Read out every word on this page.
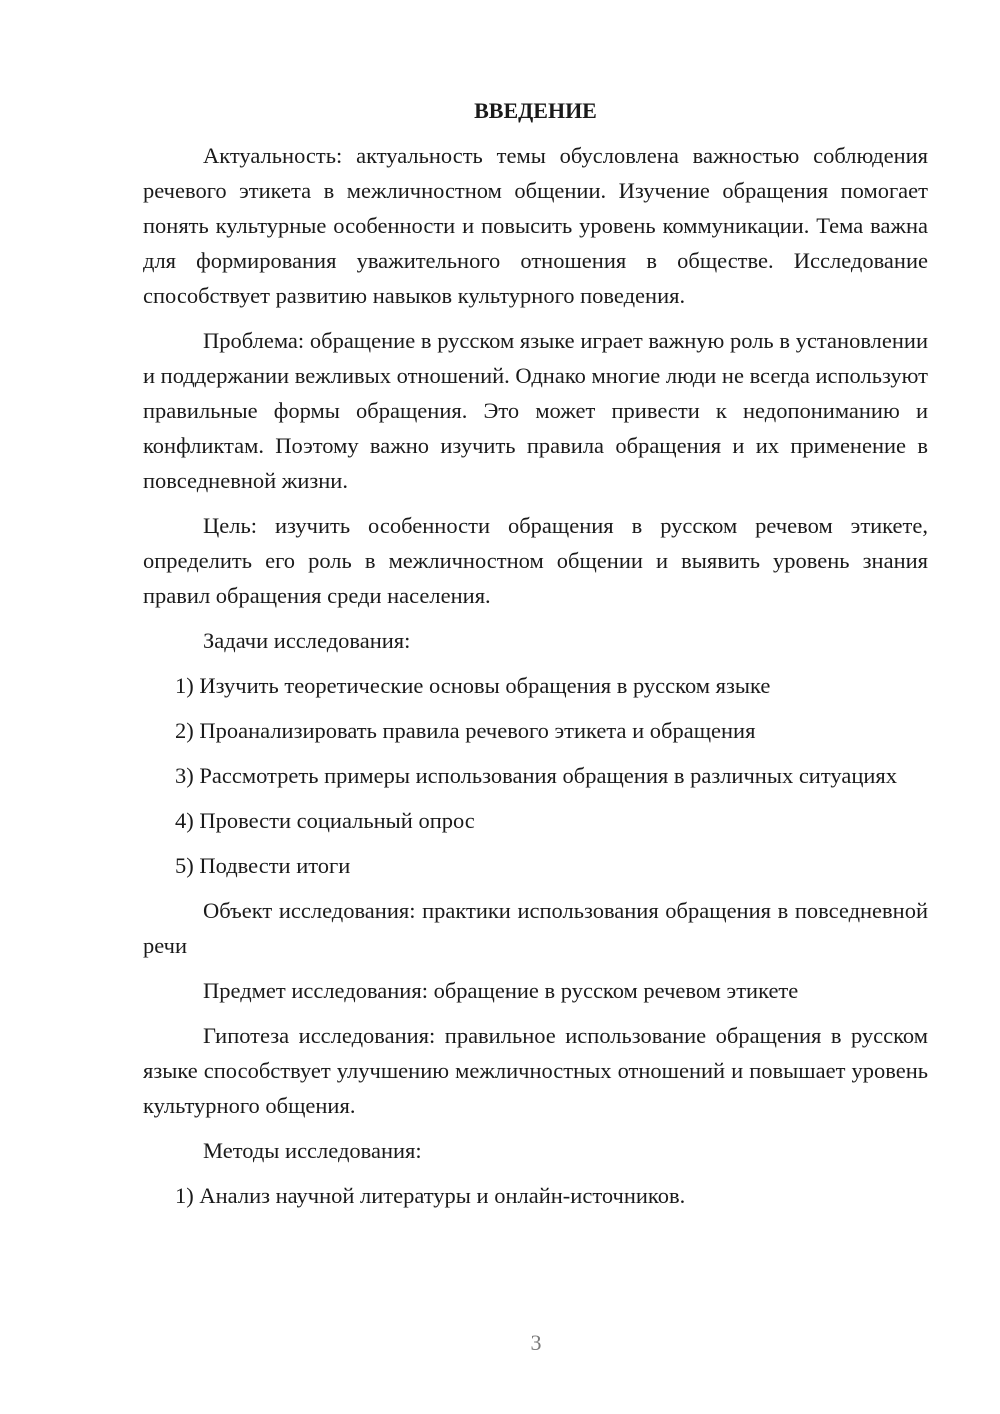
ВВЕДЕНИЕ

Актуальность: актуальность темы обусловлена важностью соблюдения речевого этикета в межличностном общении. Изучение обращения помогает понять культурные особенности и повысить уровень коммуникации. Тема важна для формирования уважительного отношения в обществе. Исследование способствует развитию навыков культурного поведения.

Проблема: обращение в русском языке играет важную роль в установлении и поддержании вежливых отношений. Однако многие люди не всегда используют правильные формы обращения. Это может привести к недопониманию и конфликтам. Поэтому важно изучить правила обращения и их применение в повседневной жизни.

Цель: изучить особенности обращения в русском речевом этикете, определить его роль в межличностном общении и выявить уровень знания правил обращения среди населения.

Задачи исследования:

1) Изучить теоретические основы обращения в русском языке

2) Проанализировать правила речевого этикета и обращения

3) Рассмотреть примеры использования обращения в различных ситуациях

4) Провести социальный опрос

5) Подвести итоги

Объект исследования: практики использования обращения в повседневной речи

Предмет исследования: обращение в русском речевом этикете

Гипотеза исследования: правильное использование обращения в русском языке способствует улучшению межличностных отношений и повышает уровень культурного общения.

Методы исследования:

1) Анализ научной литературы и онлайн-источников.

3
